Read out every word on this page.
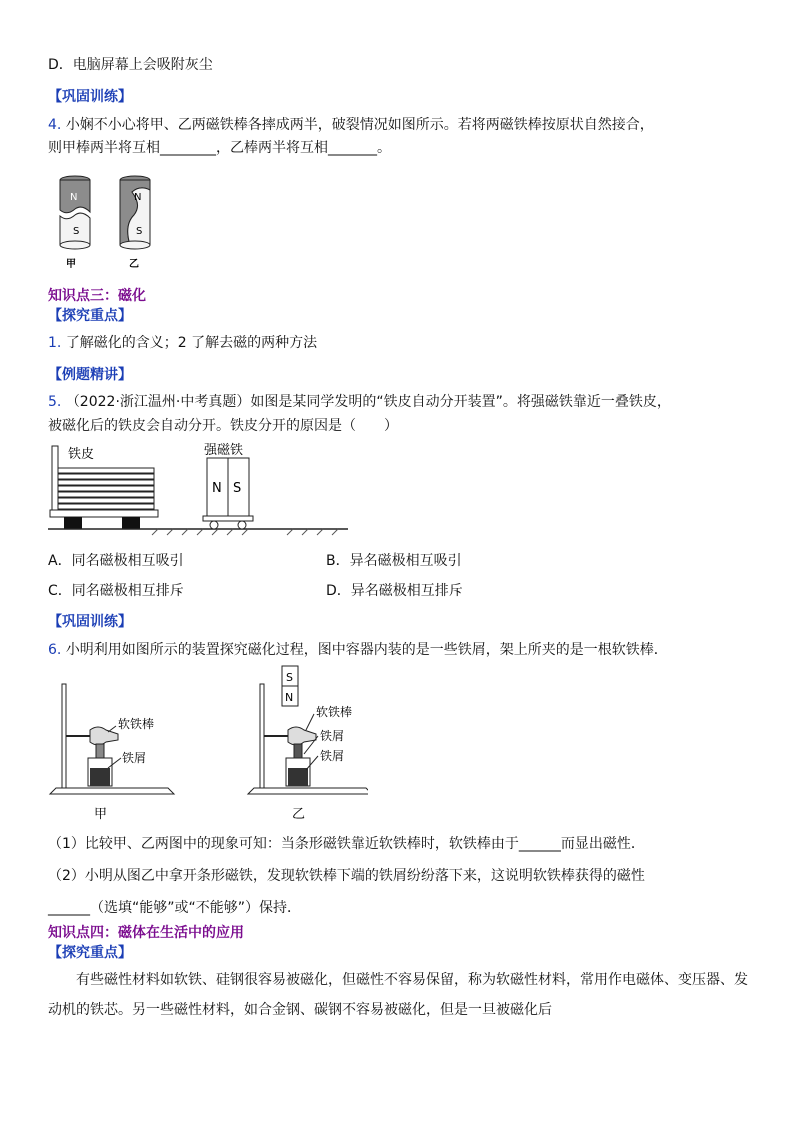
D．电脑屏幕上会吸附灰尘
【巩固训练】
4. 小娴不小心将甲、乙两磁铁棒各摔成两半，破裂情况如图所示。若将两磁铁棒按原状自然接合，
则甲棒两半将互相________，乙棒两半将互相_______。
N
S
N
S
甲	乙
知识点三：磁化
【探究重点】
1. 了解磁化的含义；2 了解去磁的两种方法
【例题精讲】
5. （2022·浙江温州·中考真题）如图是某同学发明的“铁皮自动分开装置”。将强磁铁靠近一叠铁皮，
被磁化后的铁皮会自动分开。铁皮分开的原因是（　　）
铁皮
N S
强磁铁
A．同名磁极相互吸引	B．异名磁极相互吸引
C．同名磁极相互排斥	D．异名磁极相互排斥
【巩固训练】
6. 小明利用如图所示的装置探究磁化过程，图中容器内装的是一些铁屑，架上所夹的是一根软铁棒．
软铁棒
铁屑
S
N
软铁棒
铁屑
铁屑
甲	乙
（1）比较甲、乙两图中的现象可知：当条形磁铁靠近软铁棒时，软铁棒由于______而显出磁性．
（2）小明从图乙中拿开条形磁铁，发现软铁棒下端的铁屑纷纷落下来，这说明软铁棒获得的磁性
______（选填“能够”或“不能够”）保持．
知识点四：磁体在生活中的应用
【探究重点】
有些磁性材料如软铁、硅钢很容易被磁化，但磁性不容易保留，称为软磁性材料，常用作电磁体、变压器、发动机的铁芯。另一些磁性材料，如合金钢、碳钢不容易被磁化，但是一旦被磁化后
